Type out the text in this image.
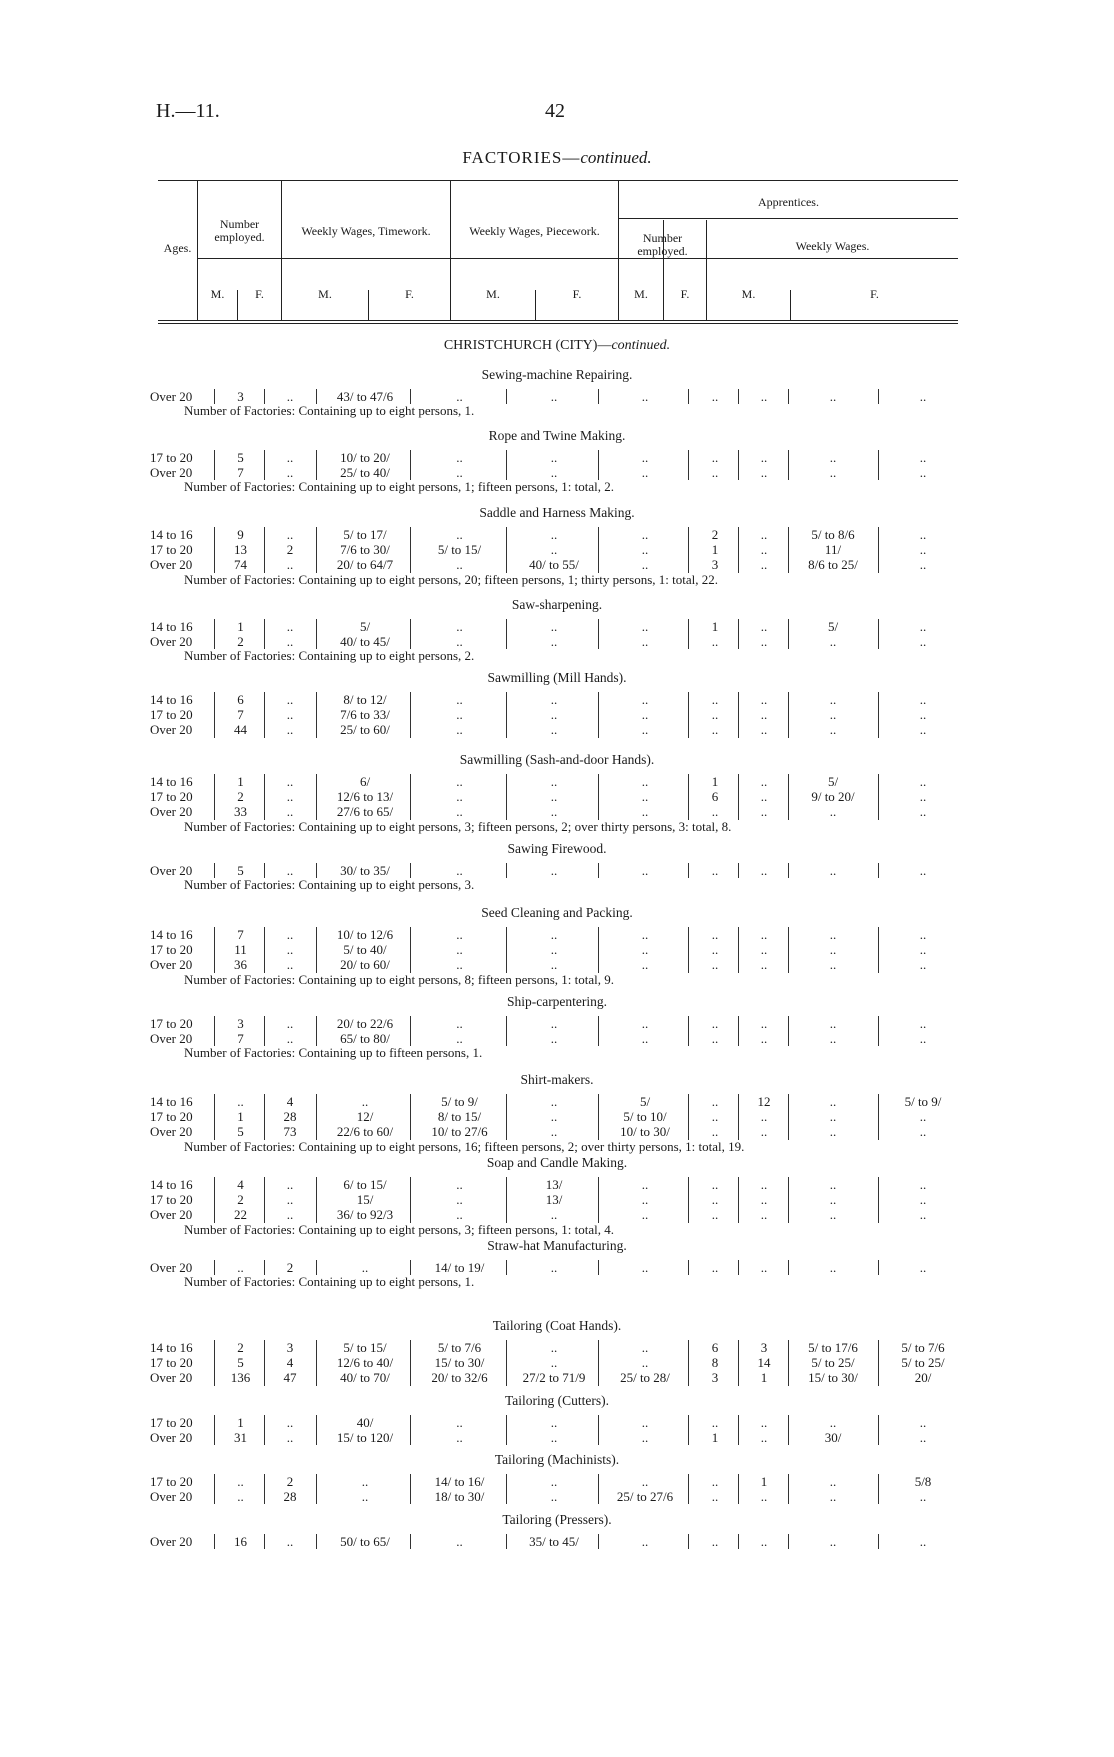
H.—11.	42
FACTORIES—continued.
Ages.
Number employed.	Weekly Wages, Timework.	Weekly Wages, Piecework.
Apprentices.
Number employed.	Weekly Wages.
M.	F.	M.	F.	M.	F.	M.	F.	M.	F.
CHRISTCHURCH (CITY)—continued.
Sewing-machine Repairing.
Over 20	3	..	43/ to 47/6	..	..	..	..	..	..	..
Number of Factories: Containing up to eight persons, 1.
Rope and Twine Making.
17 to 20	5	..	10/ to 20/	..	..	..	..	..	..	..
Over 20	7	..	25/ to 40/	..	..	..	..	..	..	..
Number of Factories: Containing up to eight persons, 1; fifteen persons, 1: total, 2.
Saddle and Harness Making.
14 to 16	9	..	5/ to 17/	..	..	..	2	..	5/ to 8/6	..
17 to 20	13	2	7/6 to 30/	5/ to 15/	..	..	1	..	11/	..
Over 20	74	..	20/ to 64/7	..	40/ to 55/	..	3	..	8/6 to 25/	..
Number of Factories: Containing up to eight persons, 20; fifteen persons, 1; thirty persons, 1: total, 22.
Saw-sharpening.
14 to 16	1	..	5/	..	..	..	1	..	5/	..
Over 20	2	..	40/ to 45/	..	..	..	..	..	..	..
Number of Factories: Containing up to eight persons, 2.
Sawmilling (Mill Hands).
14 to 16	6	..	8/ to 12/	..	..	..	..	..	..	..
17 to 20	7	..	7/6 to 33/	..	..	..	..	..	..	..
Over 20	44	..	25/ to 60/	..	..	..	..	..	..	..
Sawmilling (Sash-and-door Hands).
14 to 16	1	..	6/	..	..	..	1	..	5/	..
17 to 20	2	..	12/6 to 13/	..	..	..	6	..	9/ to 20/	..
Over 20	33	..	27/6 to 65/	..	..	..	..	..	..	..
Number of Factories: Containing up to eight persons, 3; fifteen persons, 2; over thirty persons, 3: total, 8.
Sawing Firewood.
Over 20	5	..	30/ to 35/	..	..	..	..	..	..	..
Number of Factories: Containing up to eight persons, 3.
Seed Cleaning and Packing.
14 to 16	7	..	10/ to 12/6	..	..	..	..	..	..	..
17 to 20	11	..	5/ to 40/	..	..	..	..	..	..	..
Over 20	36	..	20/ to 60/	..	..	..	..	..	..	..
Number of Factories: Containing up to eight persons, 8; fifteen persons, 1: total, 9.
Ship-carpentering.
17 to 20	3	..	20/ to 22/6	..	..	..	..	..	..	..
Over 20	7	..	65/ to 80/	..	..	..	..	..	..	..
Number of Factories: Containing up to fifteen persons, 1.
Shirt-makers.
14 to 16	..	4	..	5/ to 9/	..	5/	..	12	..	5/ to 9/
17 to 20	1	28	12/	8/ to 15/	..	5/ to 10/	..	..	..	..
Over 20	5	73	22/6 to 60/	10/ to 27/6	..	10/ to 30/	..	..	..	..
Number of Factories: Containing up to eight persons, 16; fifteen persons, 2; over thirty persons, 1: total, 19.
Soap and Candle Making.
14 to 16	4	..	6/ to 15/	..	13/	..	..	..	..	..
17 to 20	2	..	15/	..	13/	..	..	..	..	..
Over 20	22	..	36/ to 92/3	..	..	..	..	..	..	..
Number of Factories: Containing up to eight persons, 3; fifteen persons, 1: total, 4.
Straw-hat Manufacturing.
Over 20	..	2	..	14/ to 19/	..	..	..	..	..	..
Number of Factories: Containing up to eight persons, 1.
Tailoring (Coat Hands).
14 to 16	2	3	5/ to 15/	5/ to 7/6	..	..	6	3	5/ to 17/6	5/ to 7/6
17 to 20	5	4	12/6 to 40/	15/ to 30/	..	..	8	14	5/ to 25/	5/ to 25/
Over 20	136	47	40/ to 70/	20/ to 32/6	27/2 to 71/9	25/ to 28/	3	1	15/ to 30/	20/
Tailoring (Cutters).
17 to 20	1	..	40/	..	..	..	..	..	..	..
Over 20	31	..	15/ to 120/	..	..	..	1	..	30/	..
Tailoring (Machinists).
17 to 20	..	2	..	14/ to 16/	..	..	..	1	..	5/8
Over 20	..	28	..	18/ to 30/	..	25/ to 27/6	..	..	..	..
Tailoring (Pressers).
Over 20	16	..	50/ to 65/	..	35/ to 45/	..	..	..	..	..
